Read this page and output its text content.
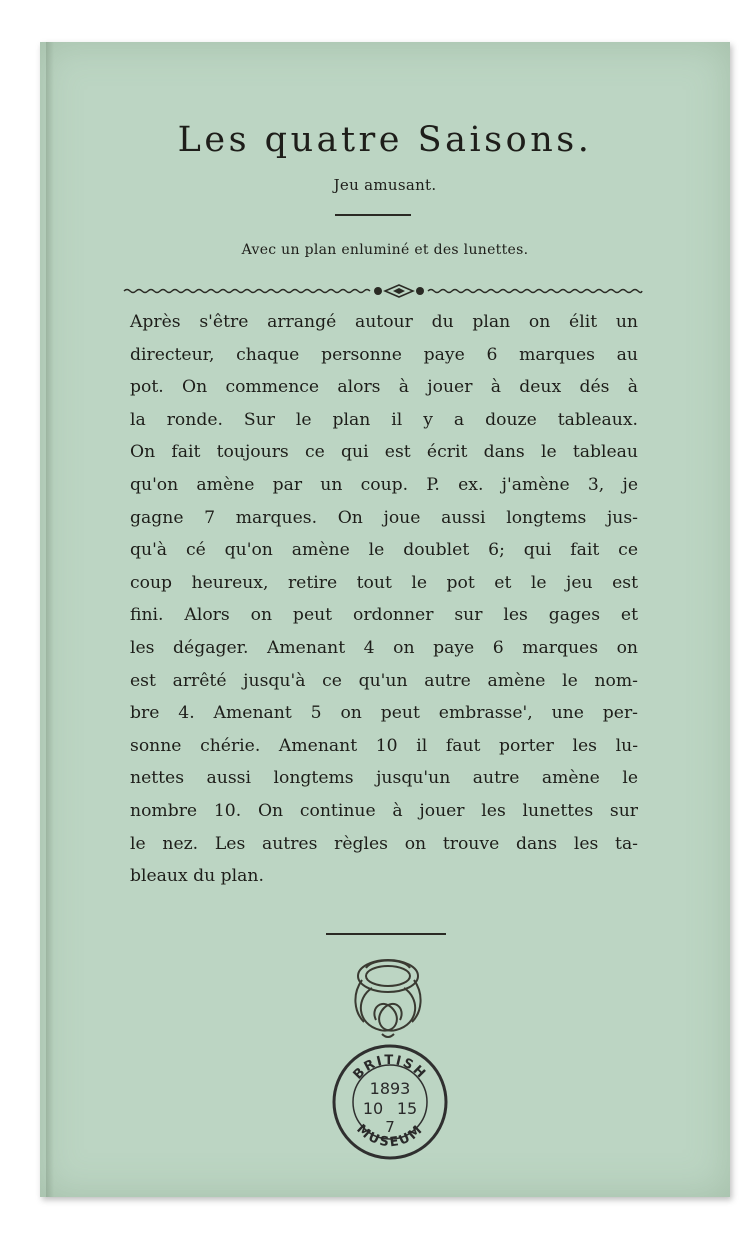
Les quatre Saisons.
Jeu amusant.
Avec un plan enluminé et des lunettes.
Après s'être arrangé autour du plan on élit un
directeur, chaque personne paye 6 marques au
pot. On commence alors à jouer à deux dés à
la ronde. Sur le plan il y a douze tableaux.
On fait toujours ce qui est écrit dans le tableau
qu'on amène par un coup. P. ex. j'amène 3, je
gagne 7 marques. On joue aussi longtems jus-
qu'à cé qu'on amène le doublet 6; qui fait ce
coup heureux, retire tout le pot et le jeu est
fini. Alors on peut ordonner sur les gages et
les dégager. Amenant 4 on paye 6 marques on
est arrêté jusqu'à ce qu'un autre amène le nom-
bre 4. Amenant 5 on peut embrasse', une per-
sonne chérie. Amenant 10 il faut porter les lu-
nettes aussi longtems jusqu'un autre amène le
nombre 10. On continue à jouer les lunettes sur
le nez. Les autres règles on trouve dans les ta-
bleaux du plan.
BRITISH
MUSEUM
1893
10 15
7
